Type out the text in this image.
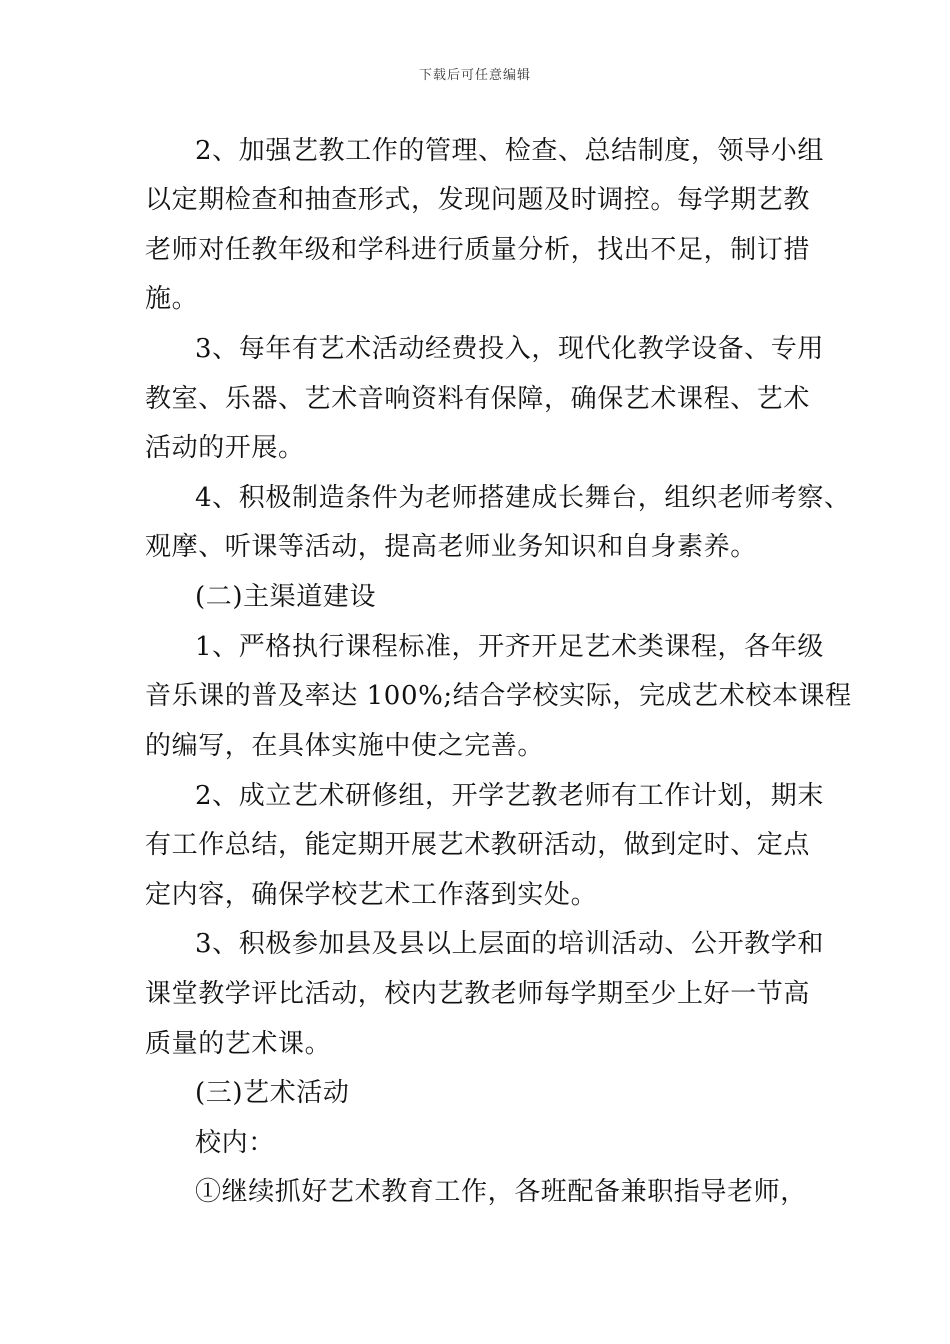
下载后可任意编辑
2、加强艺教工作的管理、检查、总结制度，领导小组
以定期检查和抽查形式，发现问题及时调控。每学期艺教
老师对任教年级和学科进行质量分析，找出不足，制订措
施。
3、每年有艺术活动经费投入，现代化教学设备、专用
教室、乐器、艺术音响资料有保障，确保艺术课程、艺术
活动的开展。
4、积极制造条件为老师搭建成长舞台，组织老师考察、
观摩、听课等活动，提高老师业务知识和自身素养。
(二)主渠道建设
1、严格执行课程标准，开齐开足艺术类课程，各年级
音乐课的普及率达 100%;结合学校实际，完成艺术校本课程
的编写，在具体实施中使之完善。
2、成立艺术研修组，开学艺教老师有工作计划，期末
有工作总结，能定期开展艺术教研活动，做到定时、定点
定内容，确保学校艺术工作落到实处。
3、积极参加县及县以上层面的培训活动、公开教学和
课堂教学评比活动，校内艺教老师每学期至少上好一节高
质量的艺术课。
(三)艺术活动
校内：
①继续抓好艺术教育工作，各班配备兼职指导老师，
